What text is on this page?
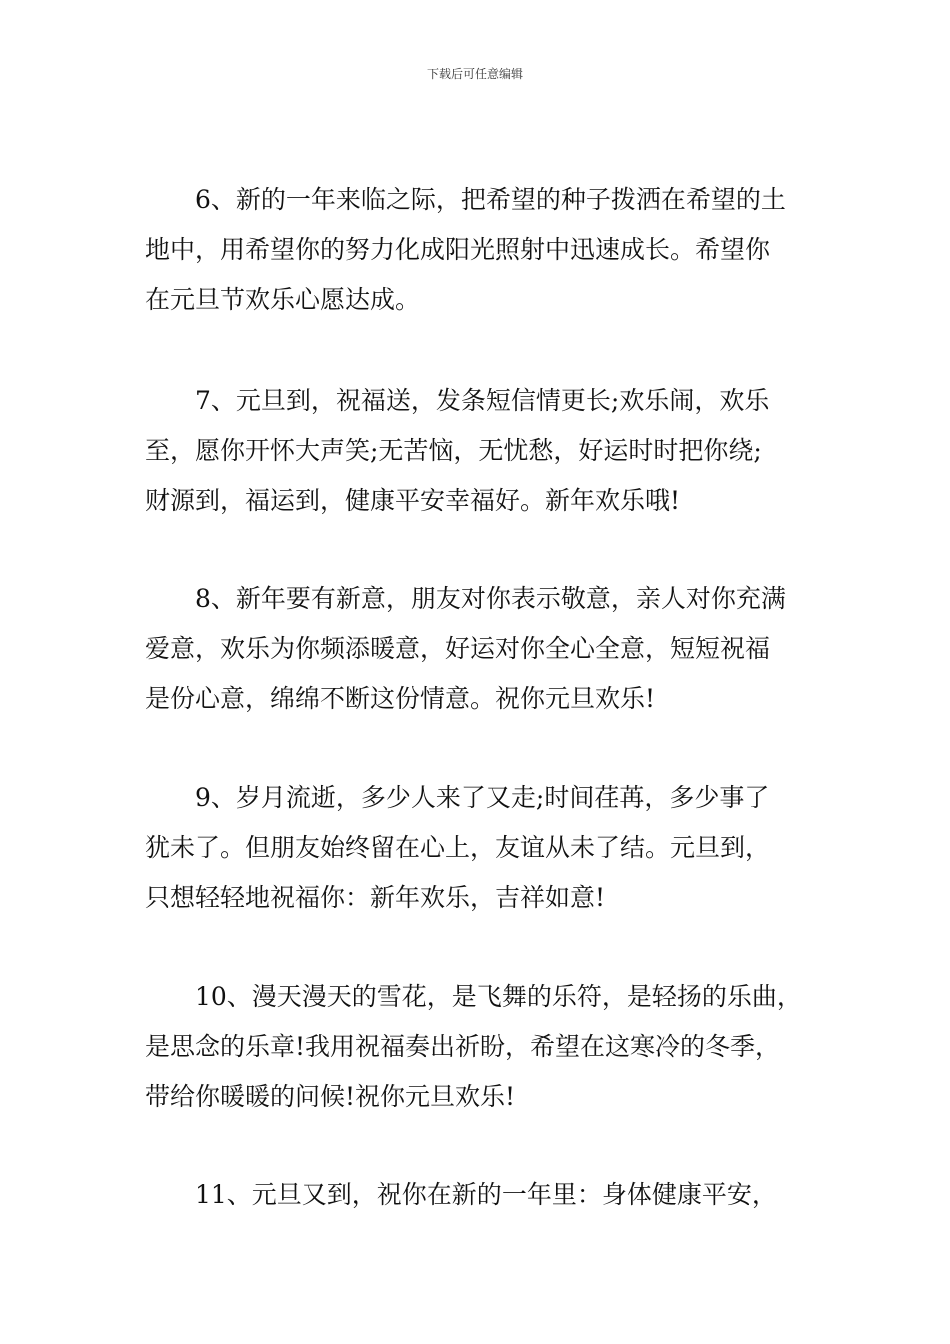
下载后可任意编辑
6、新的一年来临之际，把希望的种子拨洒在希望的土
地中，用希望你的努力化成阳光照射中迅速成长。希望你
在元旦节欢乐心愿达成。
7、元旦到，祝福送，发条短信情更长;欢乐闹，欢乐
至，愿你开怀大声笑;无苦恼，无忧愁，好运时时把你绕;
财源到，福运到，健康平安幸福好。新年欢乐哦!
8、新年要有新意，朋友对你表示敬意，亲人对你充满
爱意，欢乐为你频添暖意，好运对你全心全意，短短祝福
是份心意，绵绵不断这份情意。祝你元旦欢乐!
9、岁月流逝，多少人来了又走;时间荏苒，多少事了
犹未了。但朋友始终留在心上，友谊从未了结。元旦到，
只想轻轻地祝福你：新年欢乐，吉祥如意!
10、漫天漫天的雪花，是飞舞的乐符，是轻扬的乐曲，
是思念的乐章!我用祝福奏出祈盼，希望在这寒冷的冬季，
带给你暖暖的问候!祝你元旦欢乐!
11、元旦又到，祝你在新的一年里：身体健康平安，
